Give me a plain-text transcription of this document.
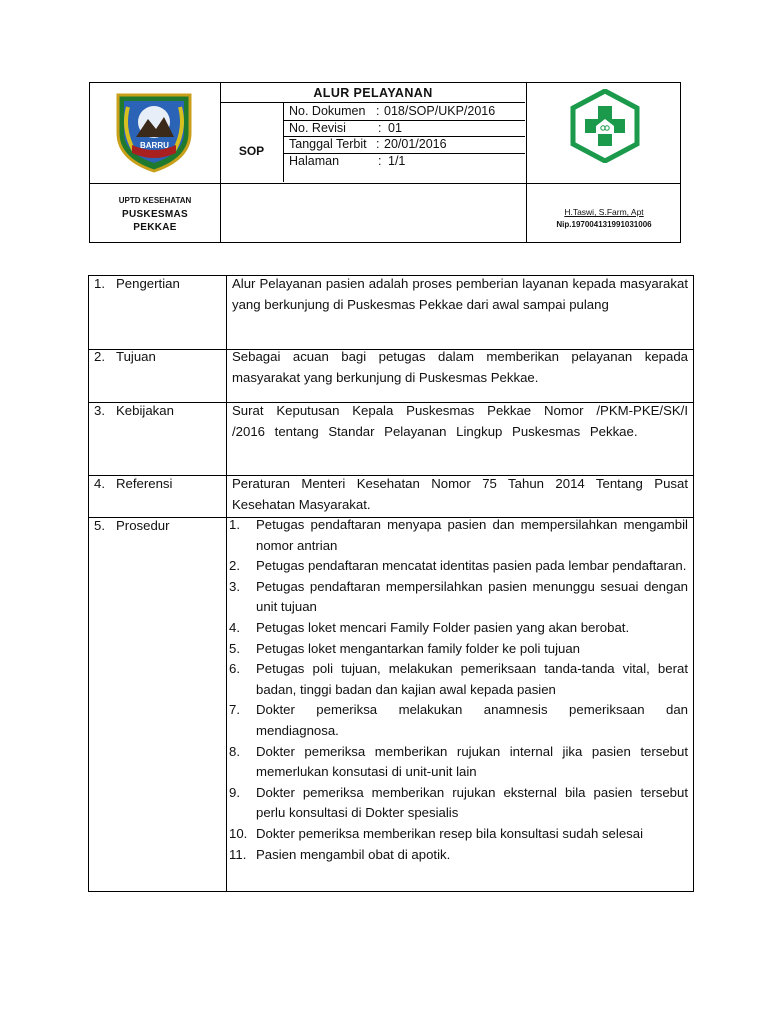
BARRU
ALUR PELAYANAN
SOP
No. Dokumen : 018/SOP/UKP/2016
No. Revisi	: 01
Tanggal Terbit : 20/01/2016
Halaman	: 1/1
UPTD KESEHATAN
PUSKESMAS
PEKKAE
H.Taswi, S.Farm, Apt
Nip.197004131991031006
1. Pengertian	Alur Pelayanan pasien adalah proses pemberian layanan kepada masyarakat yang berkunjung di Puskesmas Pekkae dari awal sampai pulang
2. Tujuan	Sebagai acuan bagi petugas dalam memberikan pelayanan kepada masyarakat yang berkunjung di Puskesmas Pekkae.
3. Kebijakan	Surat Keputusan Kepala Puskesmas Pekkae Nomor /PKM-PKE/SK/I /2016 tentang Standar Pelayanan Lingkup Puskesmas Pekkae.
4. Referensi	Peraturan Menteri Kesehatan Nomor 75 Tahun 2014 Tentang Pusat Kesehatan Masyarakat.
5. Prosedur	1. Petugas pendaftaran menyapa pasien dan mempersilahkan mengambil nomor antrian
2. Petugas pendaftaran mencatat identitas pasien pada lembar pendaftaran.
3. Petugas pendaftaran mempersilahkan pasien menunggu sesuai dengan unit tujuan
4. Petugas loket mencari Family Folder pasien yang akan berobat.
5. Petugas loket mengantarkan family folder ke poli tujuan
6. Petugas poli tujuan, melakukan pemeriksaan tanda-tanda vital, berat badan, tinggi badan dan kajian awal kepada pasien
7. Dokter pemeriksa melakukan anamnesis pemeriksaan dan mendiagnosa.
8. Dokter pemeriksa memberikan rujukan internal jika pasien tersebut memerlukan konsutasi di unit-unit lain
9. Dokter pemeriksa memberikan rujukan eksternal bila pasien tersebut perlu konsultasi di Dokter spesialis
10. Dokter pemeriksa memberikan resep bila konsultasi sudah selesai
11. Pasien mengambil obat di apotik.
